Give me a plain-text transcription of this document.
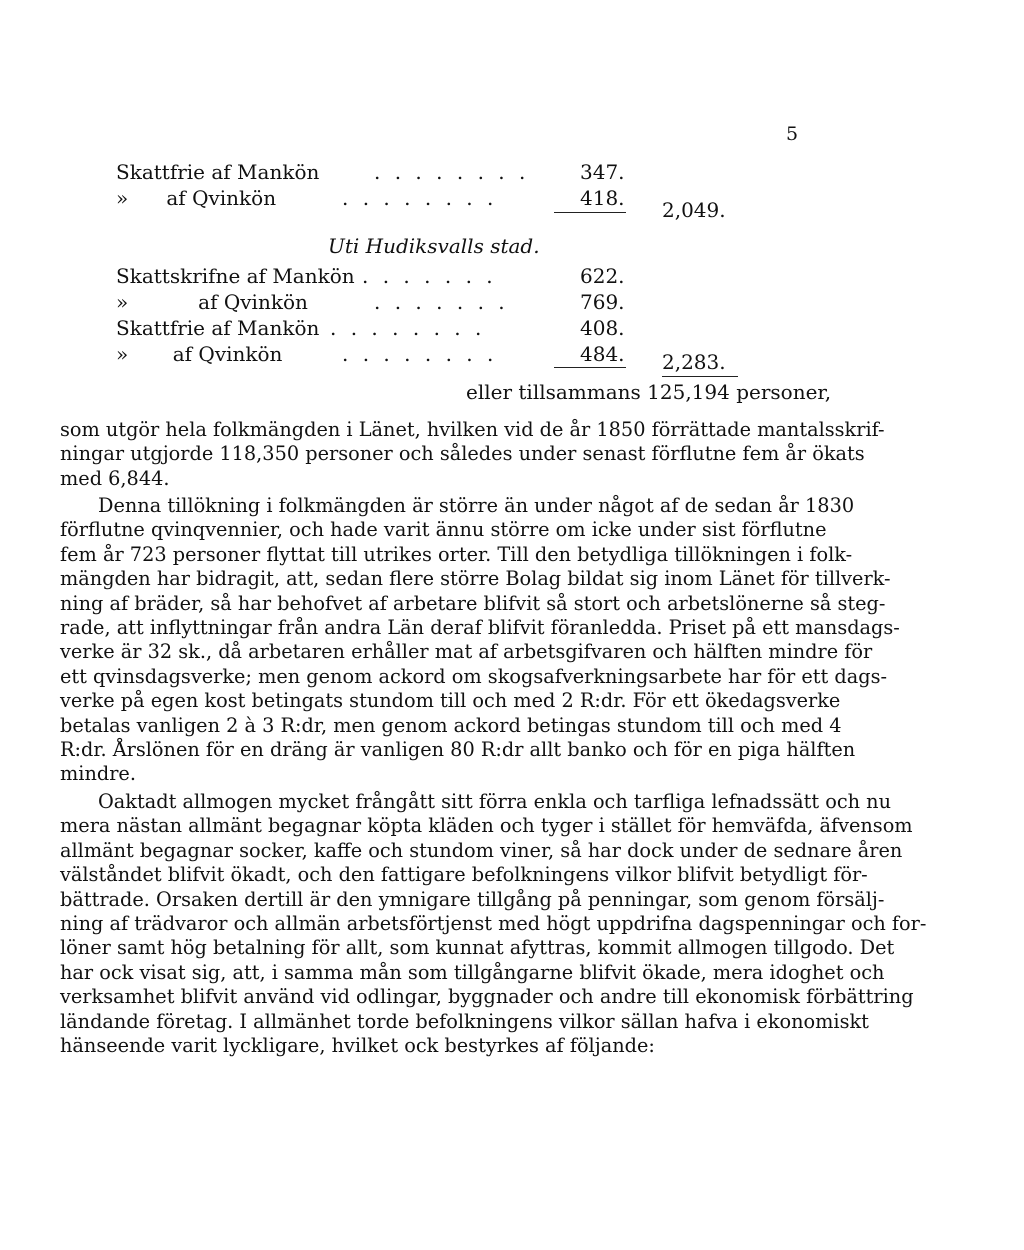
5
Skattfrie af Mankön	. . . . . . . .	347.
»      af Qvinkön	. . . . . . . .	418. 2,049.
Uti Hudiksvalls stad.
Skattskrifne af Mankön . . . . . . .	622.
»           af Qvinkön	. . . . . . .	769.
Skattfrie af Mankön . . . . . . . .	408.
»       af Qvinkön	. . . . . . . .	484. 2,283.
eller tillsammans 125,194 personer,
som utgör hela folkmängden i Länet, hvilken vid de år 1850 förrättade mantalsskrif-
ningar utgjorde 118,350 personer och således under senast förflutne fem år ökats
med 6,844.
Denna tillökning i folkmängden är större än under något af de sedan år 1830
förflutne qvinqvennier, och hade varit ännu större om icke under sist förflutne
fem år 723 personer flyttat till utrikes orter. Till den betydliga tillökningen i folk-
mängden har bidragit, att, sedan flere större Bolag bildat sig inom Länet för tillverk-
ning af bräder, så har behofvet af arbetare blifvit så stort och arbetslönerne så steg-
rade, att inflyttningar från andra Län deraf blifvit föranledda. Priset på ett mansdags-
verke är 32 sk., då arbetaren erhåller mat af arbetsgifvaren och hälften mindre för
ett qvinsdagsverke; men genom ackord om skogsafverkningsarbete har för ett dags-
verke på egen kost betingats stundom till och med 2 R:dr. För ett ökedagsverke
betalas vanligen 2 à 3 R:dr, men genom ackord betingas stundom till och med 4
R:dr. Årslönen för en dräng är vanligen 80 R:dr allt banko och för en piga hälften
mindre.
Oaktadt allmogen mycket frångått sitt förra enkla och tarfliga lefnadssätt och nu
mera nästan allmänt begagnar köpta kläden och tyger i stället för hemväfda, äfvensom
allmänt begagnar socker, kaffe och stundom viner, så har dock under de sednare åren
välståndet blifvit ökadt, och den fattigare befolkningens vilkor blifvit betydligt för-
bättrade. Orsaken dertill är den ymnigare tillgång på penningar, som genom försälj-
ning af trädvaror och allmän arbetsförtjenst med högt uppdrifna dagspenningar och for-
löner samt hög betalning för allt, som kunnat afyttras, kommit allmogen tillgodo. Det
har ock visat sig, att, i samma mån som tillgångarne blifvit ökade, mera idoghet och
verksamhet blifvit använd vid odlingar, byggnader och andre till ekonomisk förbättring
ländande företag. I allmänhet torde befolkningens vilkor sällan hafva i ekonomiskt
hänseende varit lyckligare, hvilket ock bestyrkes af följande:
